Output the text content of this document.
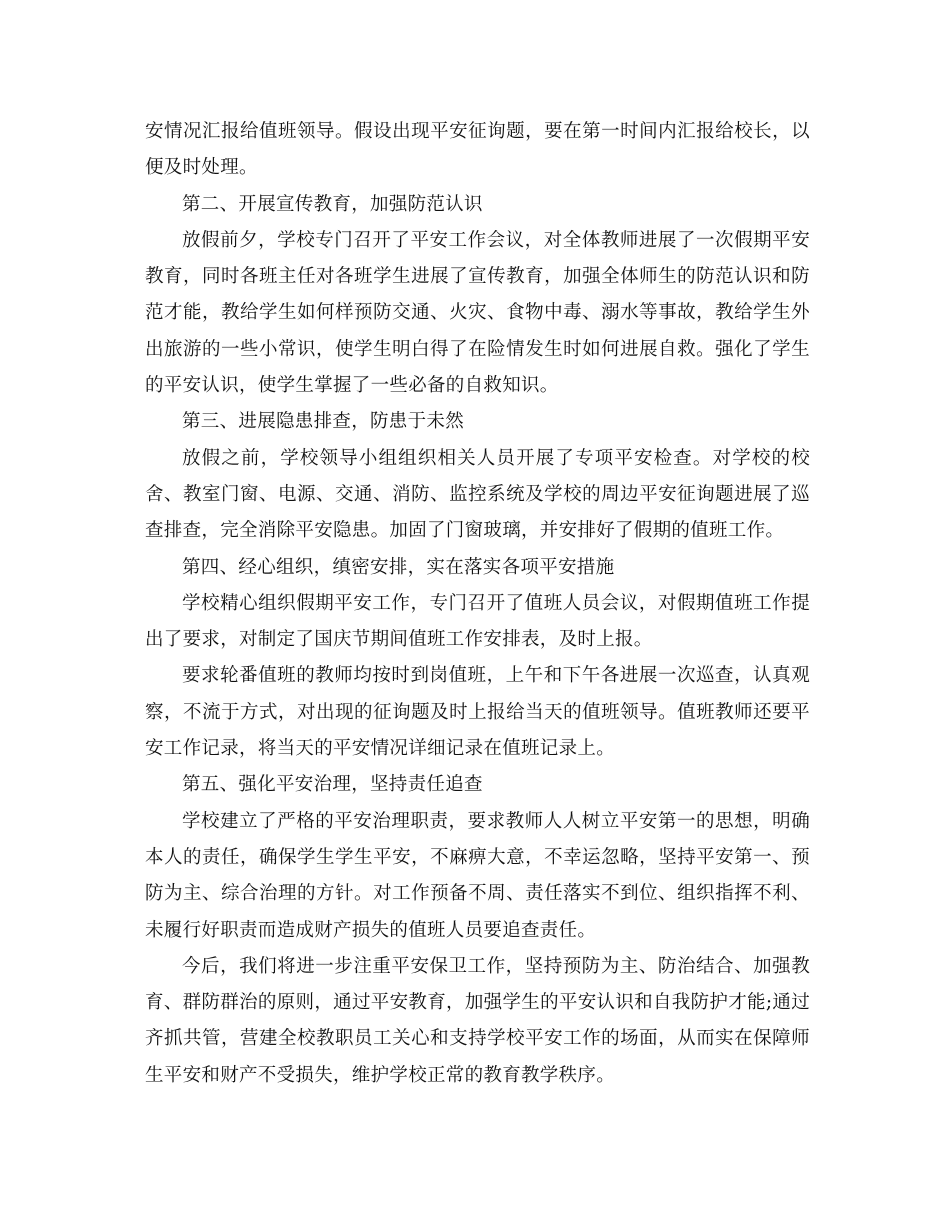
安情况汇报给值班领导。假设出现平安征询题，要在第一时间内汇报给校长，以便及时处理。

第二、开展宣传教育，加强防范认识

放假前夕，学校专门召开了平安工作会议，对全体教师进展了一次假期平安教育，同时各班主任对各班学生进展了宣传教育，加强全体师生的防范认识和防范才能，教给学生如何样预防交通、火灾、食物中毒、溺水等事故，教给学生外出旅游的一些小常识，使学生明白得了在险情发生时如何进展自救。强化了学生的平安认识，使学生掌握了一些必备的自救知识。

第三、进展隐患排查，防患于未然

放假之前，学校领导小组组织相关人员开展了专项平安检查。对学校的校舍、教室门窗、电源、交通、消防、监控系统及学校的周边平安征询题进展了巡查排查，完全消除平安隐患。加固了门窗玻璃，并安排好了假期的值班工作。

第四、经心组织，缜密安排，实在落实各项平安措施

学校精心组织假期平安工作，专门召开了值班人员会议，对假期值班工作提出了要求，对制定了国庆节期间值班工作安排表，及时上报。

要求轮番值班的教师均按时到岗值班，上午和下午各进展一次巡查，认真观察，不流于方式，对出现的征询题及时上报给当天的值班领导。值班教师还要平安工作记录，将当天的平安情况详细记录在值班记录上。

第五、强化平安治理，坚持责任追查

学校建立了严格的平安治理职责，要求教师人人树立平安第一的思想，明确本人的责任，确保学生学生平安，不麻痹大意，不幸运忽略，坚持平安第一、预防为主、综合治理的方针。对工作预备不周、责任落实不到位、组织指挥不利、未履行好职责而造成财产损失的值班人员要追查责任。

今后，我们将进一步注重平安保卫工作，坚持预防为主、防治结合、加强教育、群防群治的原则，通过平安教育，加强学生的平安认识和自我防护才能;通过齐抓共管，营建全校教职员工关心和支持学校平安工作的场面，从而实在保障师生平安和财产不受损失，维护学校正常的教育教学秩序。
